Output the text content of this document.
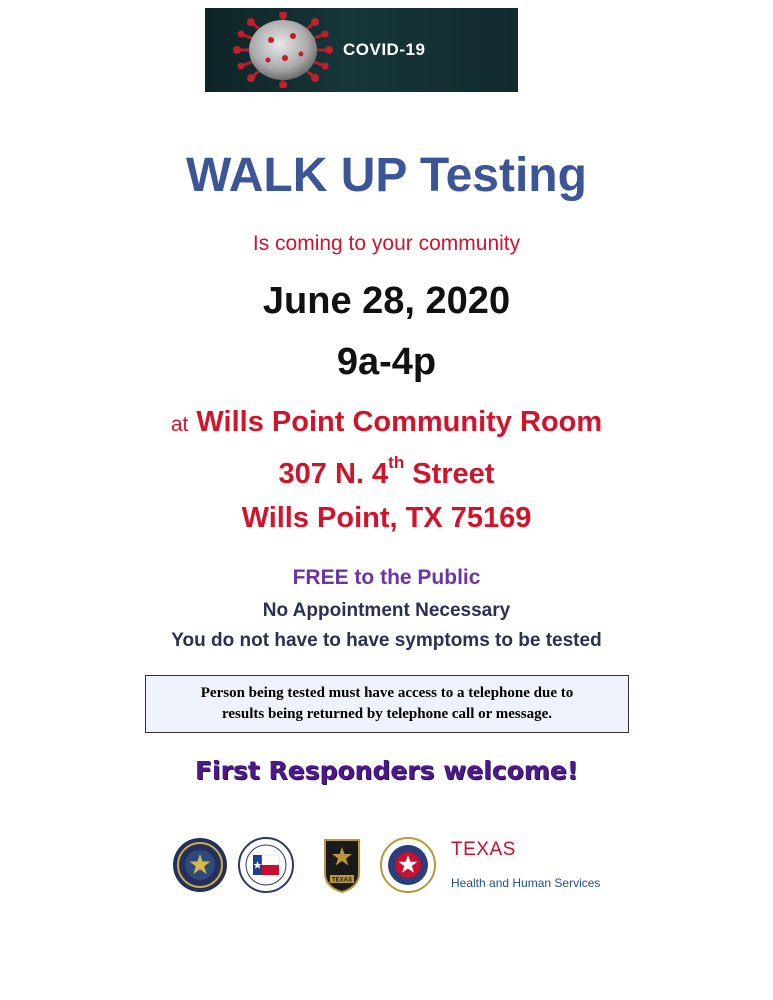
COVID-19
WALK UP Testing
Is coming to your community
June 28, 2020
9a-4p
at Wills Point Community Room
307 N. 4th Street
Wills Point, TX 75169
FREE to the Public
No Appointment Necessary
You do not have to have symptoms to be tested
Person being tested must have access to a telephone due to
results being returned by telephone call or message.
First Responders welcome!
TEXAS
TEXAS
Health and Human Services
